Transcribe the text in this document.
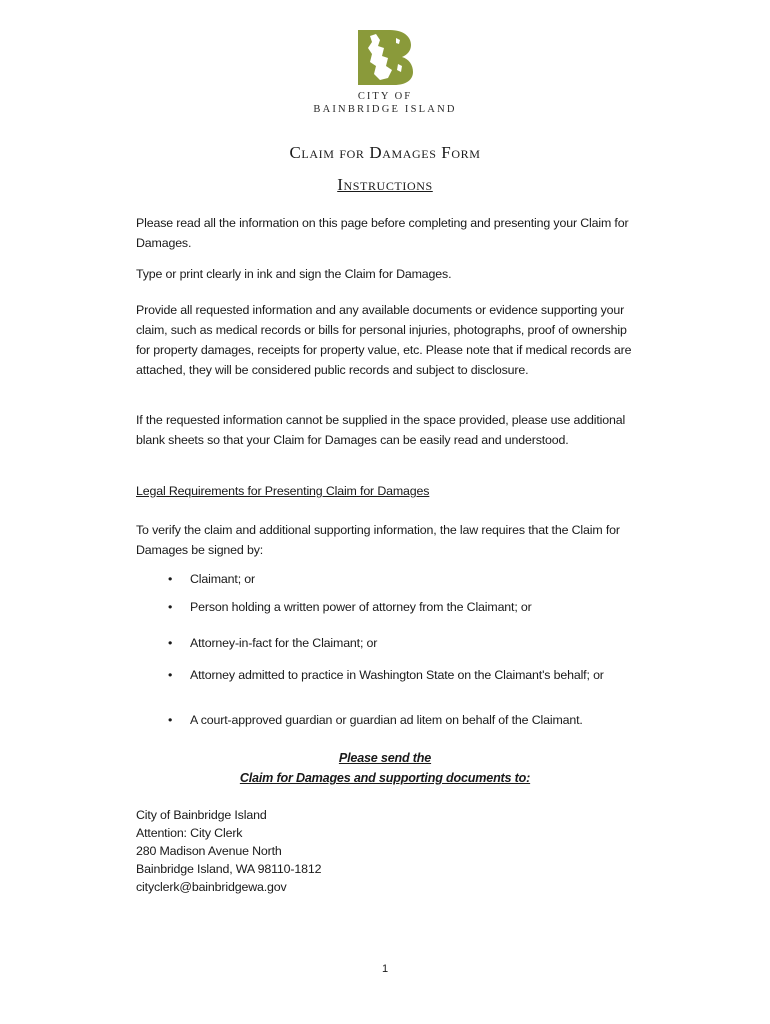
CITY OF
BAINBRIDGE ISLAND
Claim for Damages Form
Instructions
Please read all the information on this page before completing and presenting your Claim for Damages.
Type or print clearly in ink and sign the Claim for Damages.
Provide all requested information and any available documents or evidence supporting your claim, such as medical records or bills for personal injuries, photographs, proof of ownership for property damages, receipts for property value, etc. Please note that if medical records are attached, they will be considered public records and subject to disclosure.
If the requested information cannot be supplied in the space provided, please use additional blank sheets so that your Claim for Damages can be easily read and understood.
Legal Requirements for Presenting Claim for Damages
To verify the claim and additional supporting information, the law requires that the Claim for Damages be signed by:
• Claimant; or
• Person holding a written power of attorney from the Claimant; or
• Attorney-in-fact for the Claimant; or
• Attorney admitted to practice in Washington State on the Claimant's behalf; or
• A court-approved guardian or guardian ad litem on behalf of the Claimant.
Please send the
Claim for Damages and supporting documents to:
City of Bainbridge Island
Attention: City Clerk
280 Madison Avenue North
Bainbridge Island, WA 98110-1812
cityclerk@bainbridgewa.gov
1
